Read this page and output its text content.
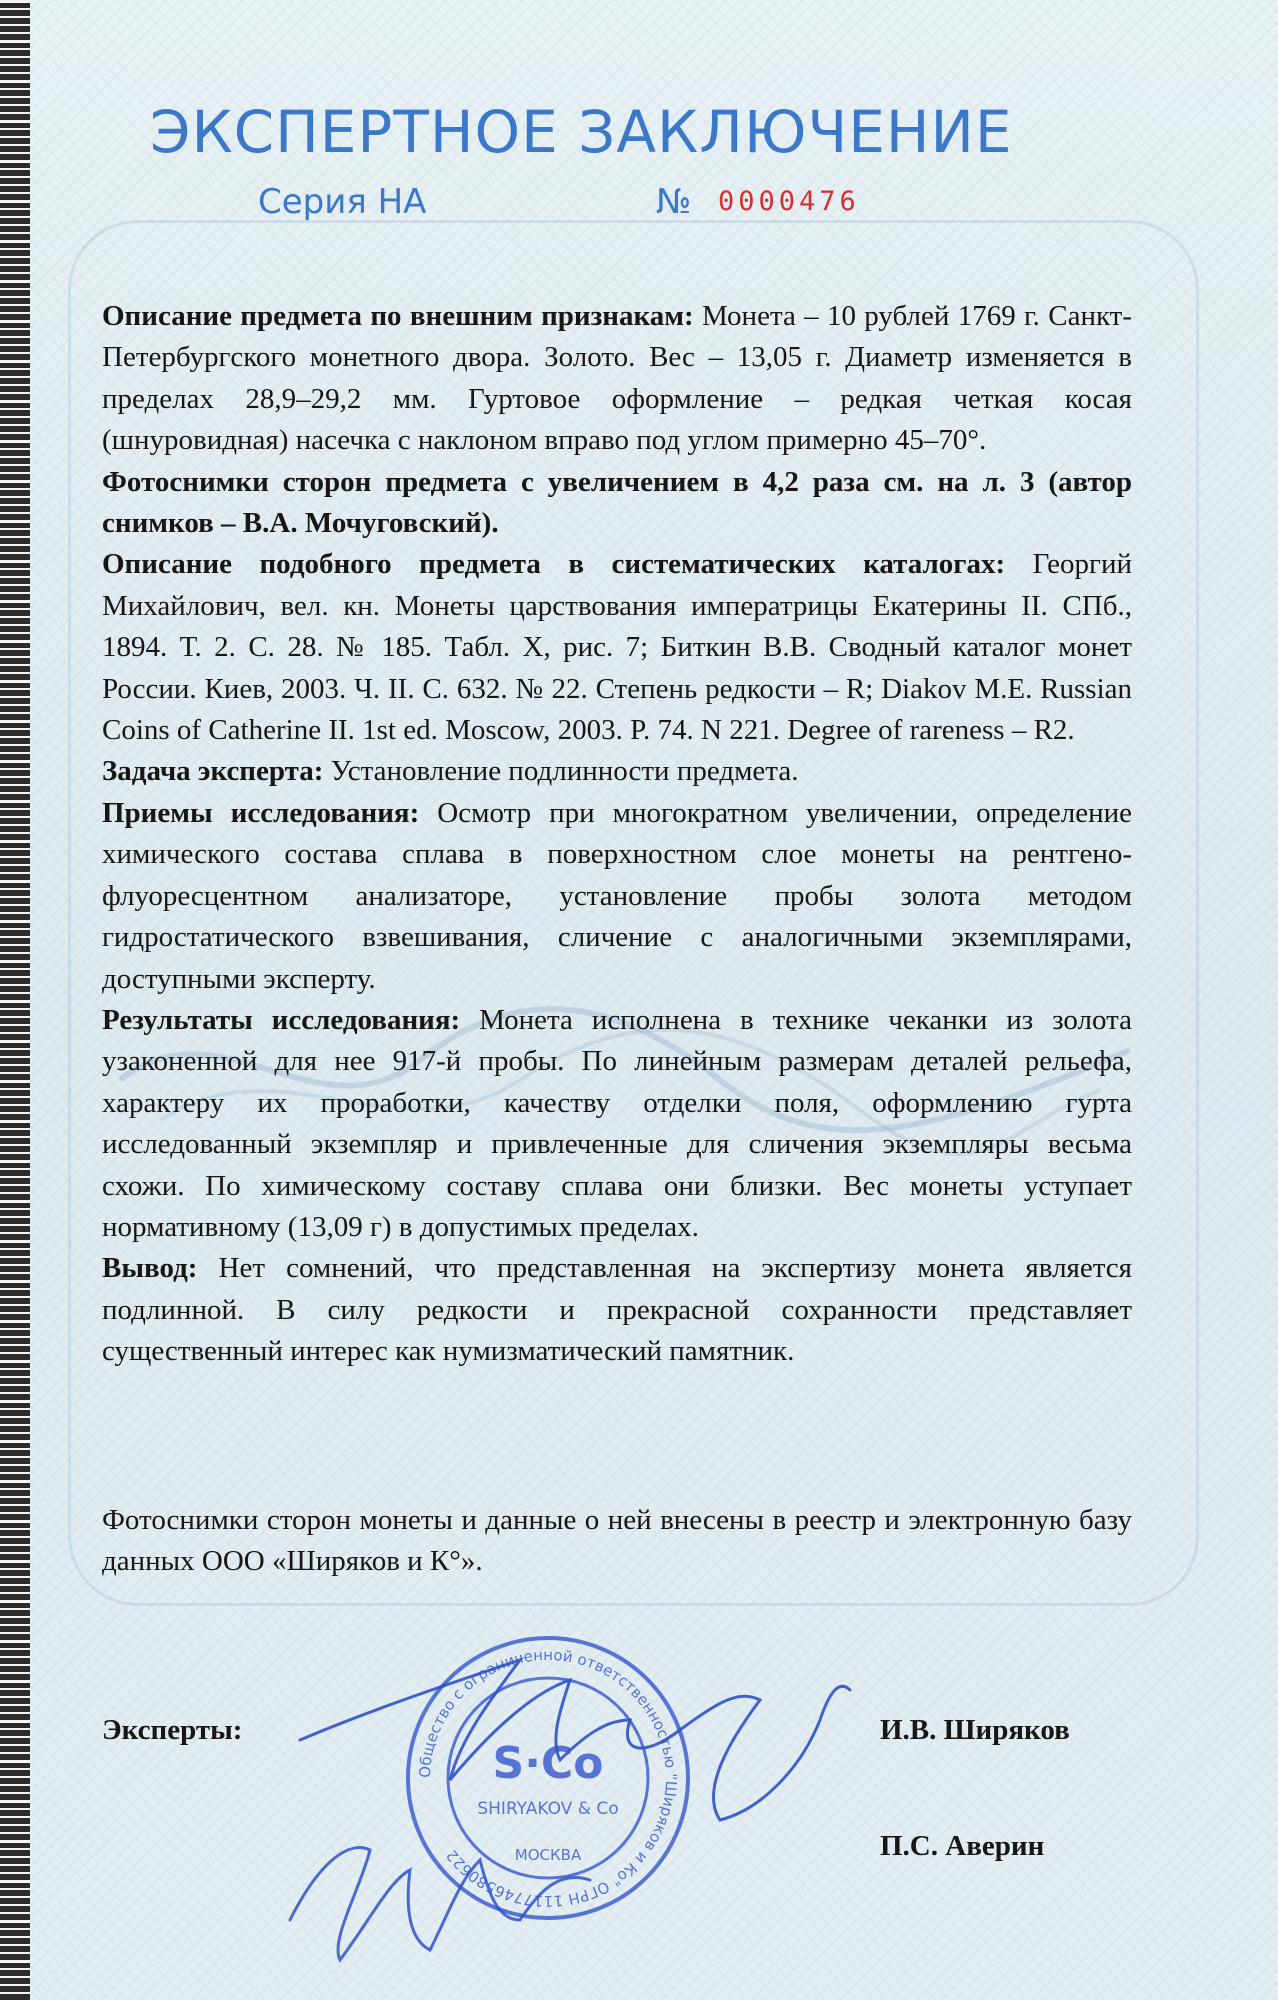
ЭКСПЕРТНОЕ ЗАКЛЮЧЕНИЕ
Серия НА	№ 0000476

Описание предмета по внешним признакам: Монета – 10 рублей 1769 г. Санкт-Петербургского монетного двора. Золото. Вес – 13,05 г. Диаметр изменяется в пределах 28,9–29,2 мм. Гуртовое оформление – редкая четкая косая (шнуровидная) насечка с наклоном вправо под углом примерно 45–70°.

Фотоснимки сторон предмета с увеличением в 4,2 раза см. на л. 3 (автор снимков – В.А. Мочуговский).

Описание подобного предмета в систематических каталогах: Георгий Михайлович, вел. кн. Монеты царствования императрицы Екатерины II. СПб., 1894. Т. 2. С. 28. № 185. Табл. X, рис. 7; Биткин В.В. Сводный каталог монет России. Киев, 2003. Ч. II. С. 632. № 22. Степень редкости – R; Diakov M.E. Russian Coins of Catherine II. 1st ed. Moscow, 2003. P. 74. N 221. Degree of rareness – R2.

Задача эксперта: Установление подлинности предмета.

Приемы исследования: Осмотр при многократном увеличении, определение химического состава сплава в поверхностном слое монеты на рентгено-флуоресцентном анализаторе, установление пробы золота методом гидростатического взвешивания, сличение с аналогичными экземплярами, доступными эксперту.

Результаты исследования: Монета исполнена в технике чеканки из золота узаконенной для нее 917-й пробы. По линейным размерам деталей рельефа, характеру их проработки, качеству отделки поля, оформлению гурта исследованный экземпляр и привлеченные для сличения экземпляры весьма схожи. По химическому составу сплава они близки. Вес монеты уступает нормативному (13,09 г) в допустимых пределах.

Вывод: Нет сомнений, что представленная на экспертизу монета является подлинной. В силу редкости и прекрасной сохранности представляет существенный интерес как нумизматический памятник.

Фотоснимки сторон монеты и данные о ней внесены в реестр и электронную базу данных ООО «Ширяков и К°».

Эксперты:	И.В. Ширяков
П.С. Аверин
Общество с ограниченной ответственностью "Ширяков и Ко" ОГРН 1117746580622
S·Co
SHIRYAKOV & Co
МОСКВА
